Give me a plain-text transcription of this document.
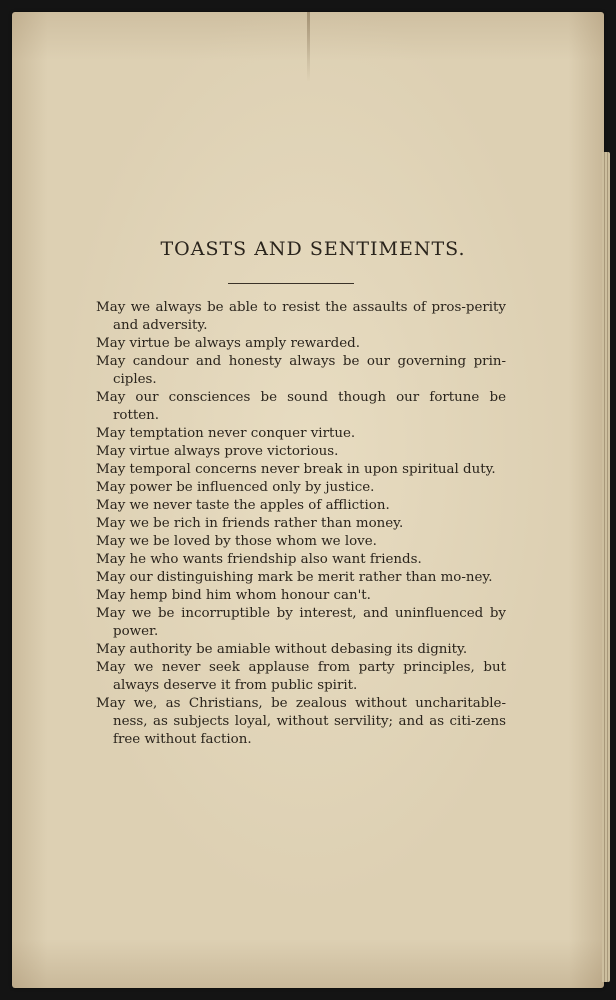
TOASTS AND SENTIMENTS.
May we always be able to resist the assaults of pros-perity and adversity.
May virtue be always amply rewarded.
May candour and honesty always be our governing prin-ciples.
May our consciences be sound though our fortune be rotten.
May temptation never conquer virtue.
May virtue always prove victorious.
May temporal concerns never break in upon spiritual duty.
May power be influenced only by justice.
May we never taste the apples of affliction.
May we be rich in friends rather than money.
May we be loved by those whom we love.
May he who wants friendship also want friends.
May our distinguishing mark be merit rather than mo-ney.
May hemp bind him whom honour can't.
May we be incorruptible by interest, and uninfluenced by power.
May authority be amiable without debasing its dignity.
May we never seek applause from party principles, but always deserve it from public spirit.
May we, as Christians, be zealous without uncharitable-ness, as subjects loyal, without servility; and as citi-zens free without faction.
